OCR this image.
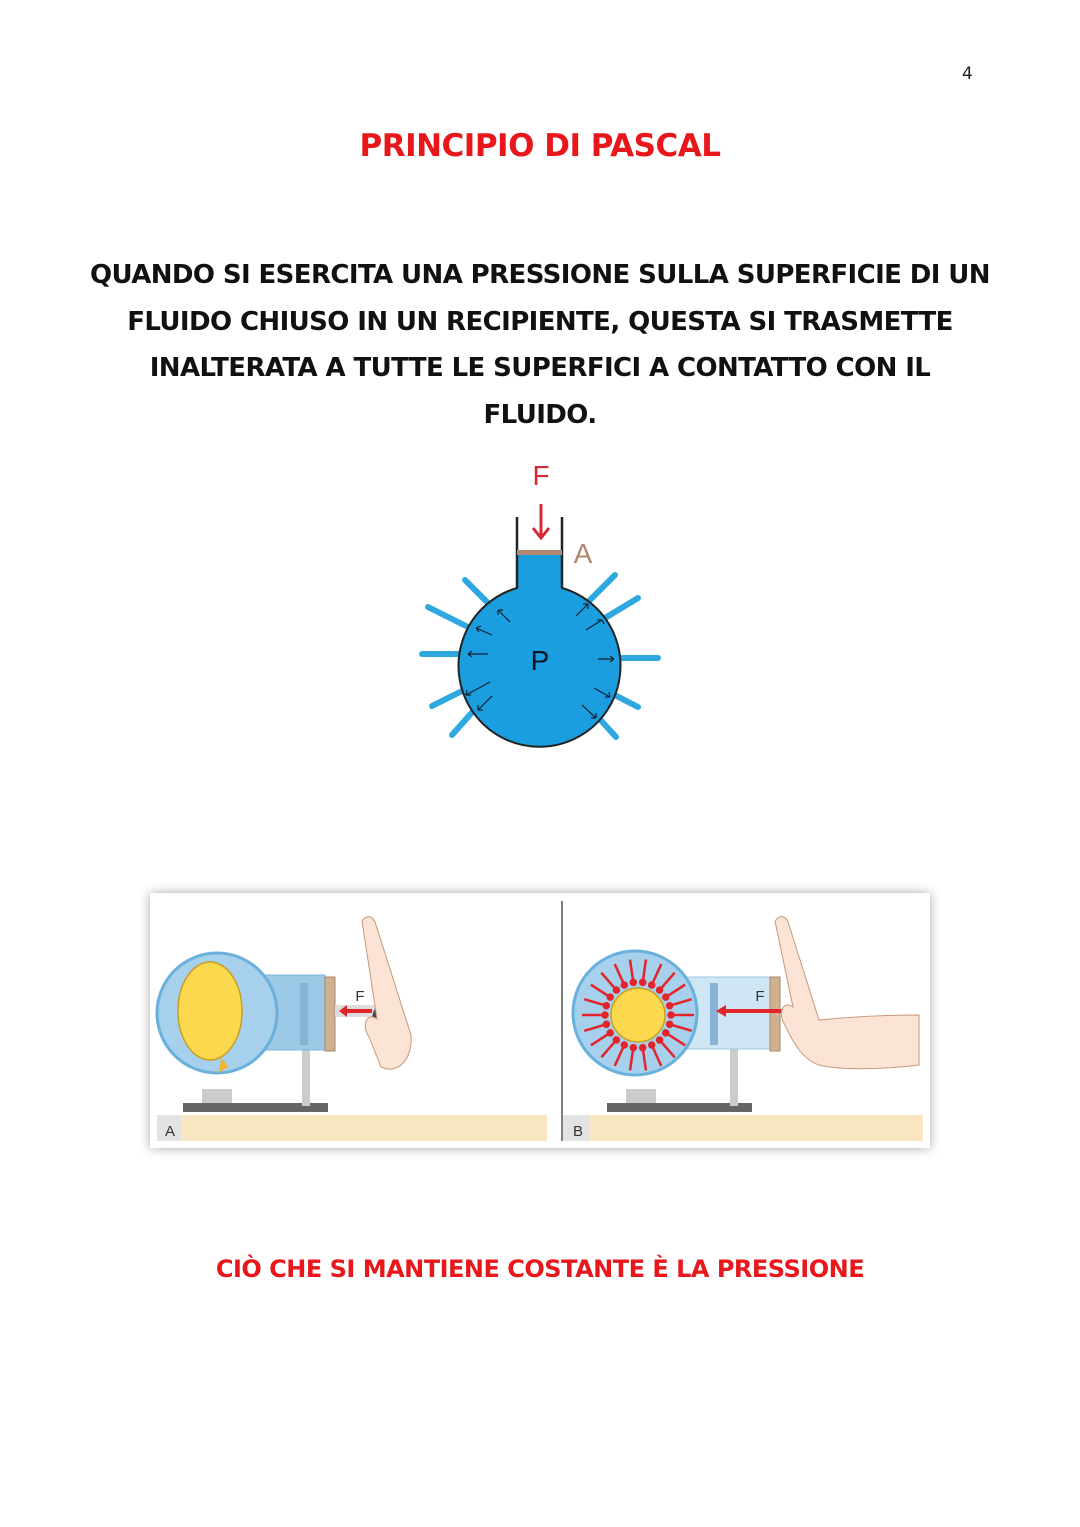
4
PRINCIPIO DI PASCAL
QUANDO SI ESERCITA UNA PRESSIONE SULLA SUPERFICIE DI UN
FLUIDO CHIUSO IN UN RECIPIENTE, QUESTA SI TRASMETTE
INALTERATA A TUTTE LE SUPERFICI A CONTATTO CON IL
FLUIDO.
F
A
P
A
F
B
F
CIÒ CHE SI MANTIENE COSTANTE È LA PRESSIONE
